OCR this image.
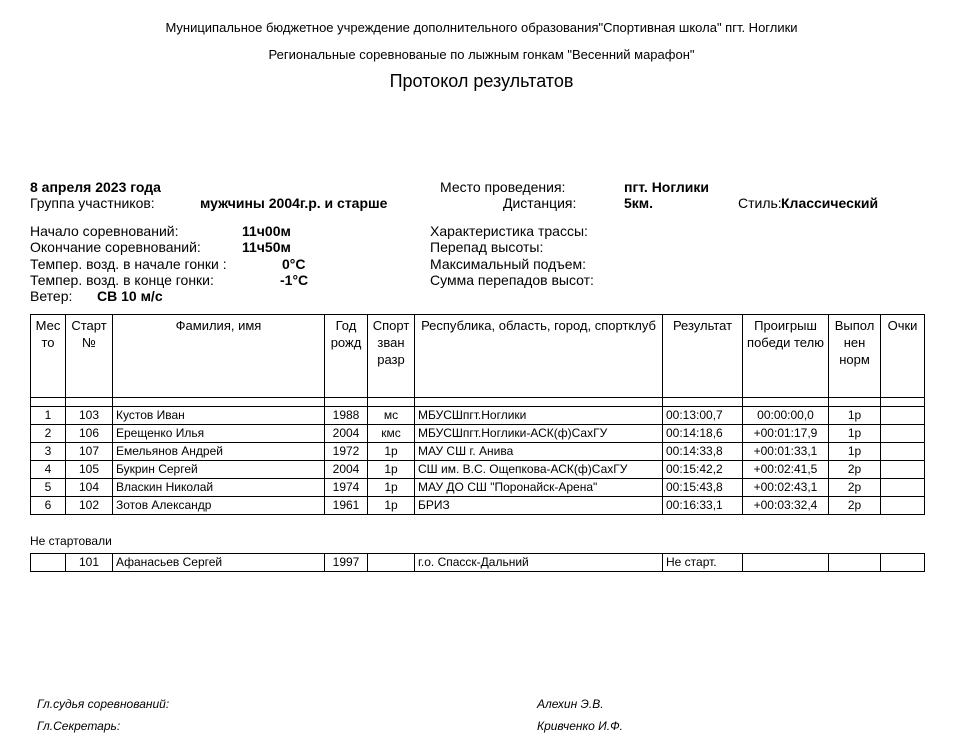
Муниципальное бюджетное учреждение дополнительного образования"Спортивная школа" пгт. Ноглики
Региональные соревнованые по лыжным гонкам "Весенний марафон"
Протокол результатов
8 апреля 2023 года
Группа участников:	мужчины 2004г.р. и старше
Место проведения:	пгт. Ноглики
Дистанция:	5км.	Стиль: Классический
Начало соревнований:	11ч00м
Окончание соревнований:	11ч50м
Темпер. возд. в начале гонки :	0°C
Темпер. возд. в конце гонки:	-1°C
Ветер: СВ 10 м/с
Характеристика трассы:
Перепад высоты:
Максимальный подъем:
Сумма перепадов высот:
Мес то	Старт №	Фамилия, имя	Год рожд	Спорт зван разр	Республика, область, город, спортклуб	Результат	Проигрыш победи телю	Выпол нен норм	Очки

1	103	Кустов Иван	1988	мс	МБУСШпгт.Ноглики	00:13:00,7	00:00:00,0	1р	
2	106	Ерещенко Илья	2004	кмс	МБУСШпгт.Ноглики-АСК(ф)СахГУ	00:14:18,6	+00:01:17,9	1р	
3	107	Емельянов Андрей	1972	1р	МАУ СШ г. Анива	00:14:33,8	+00:01:33,1	1р	
4	105	Букрин Сергей	2004	1р	СШ им. В.С. Ощепкова-АСК(ф)СахГУ	00:15:42,2	+00:02:41,5	2р	
5	104	Власкин Николай	1974	1р	МАУ ДО СШ "Поронайск-Арена"	00:15:43,8	+00:02:43,1	2р	
6	102	Зотов Александр	1961	1р	БРИЗ	00:16:33,1	+00:03:32,4	2р	
Не стартовали
	101	Афанасьев Сергей	1997		г.о. Спасск-Дальний	Не старт.			
Гл.судья соревнований:	Алехин Э.В.
Гл.Секретарь:	Кривченко И.Ф.
